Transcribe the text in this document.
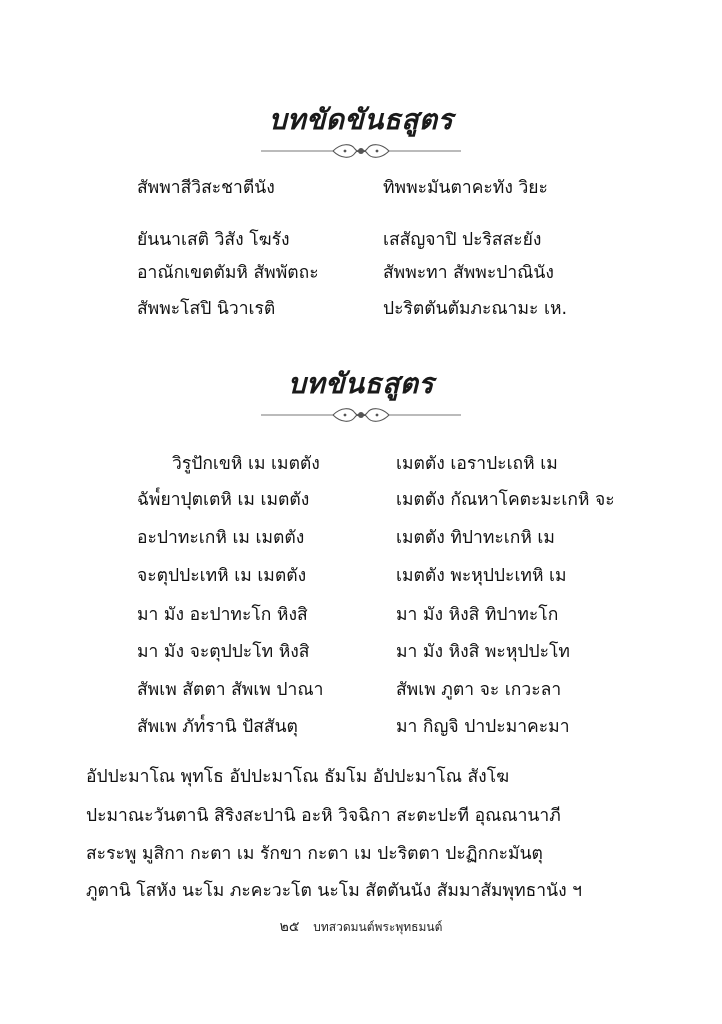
บทขัดขันธสูตร
สัพพาสีวิสะชาตีนัง	ทิพพะมันตาคะทัง วิยะ
ยันนาเสติ วิสัง โฆรัง	เสสัญจาปิ ปะริสสะยัง
อาณักเขตตัมหิ สัพพัตถะ	สัพพะทา สัพพะปาณินัง
สัพพะโสปิ นิวาเรติ	ปะริตตันตัมภะณามะ เห.
บทขันธสูตร
วิรูปักเขหิ เม เมตตัง	เมตตัง เอราปะเถหิ เม
ฉัพ๎ยาปุตเตหิ เม เมตตัง	เมตตัง กัณหาโคตะมะเกหิ จะ
อะปาทะเกหิ เม เมตตัง	เมตตัง ทิปาทะเกหิ เม
จะตุปปะเทหิ เม เมตตัง	เมตตัง พะหุปปะเทหิ เม
มา มัง อะปาทะโก หิงสิ	มา มัง หิงสิ ทิปาทะโก
มา มัง จะตุปปะโท หิงสิ	มา มัง หิงสิ พะหุปปะโท
สัพเพ สัตตา สัพเพ ปาณา	สัพเพ ภูตา จะ เกวะลา
สัพเพ ภัท๎รานิ ปัสสันตุ	มา กิญจิ ปาปะมาคะมา
อัปปะมาโณ พุทโธ อัปปะมาโณ ธัมโม อัปปะมาโณ สังโฆ
ปะมาณะวันตานิ สิริงสะปานิ อะหิ วิจฉิกา สะตะปะที อุณณานาภี
สะระพู มูสิกา กะตา เม รักขา กะตา เม ปะริตตา ปะฏิกกะมันตุ
ภูตานิ โสหัง นะโม ภะคะวะโต นะโม สัตตันนัง สัมมาสัมพุทธานัง ฯ
๒๕ บทสวดมนต์พระพุทธมนต์
